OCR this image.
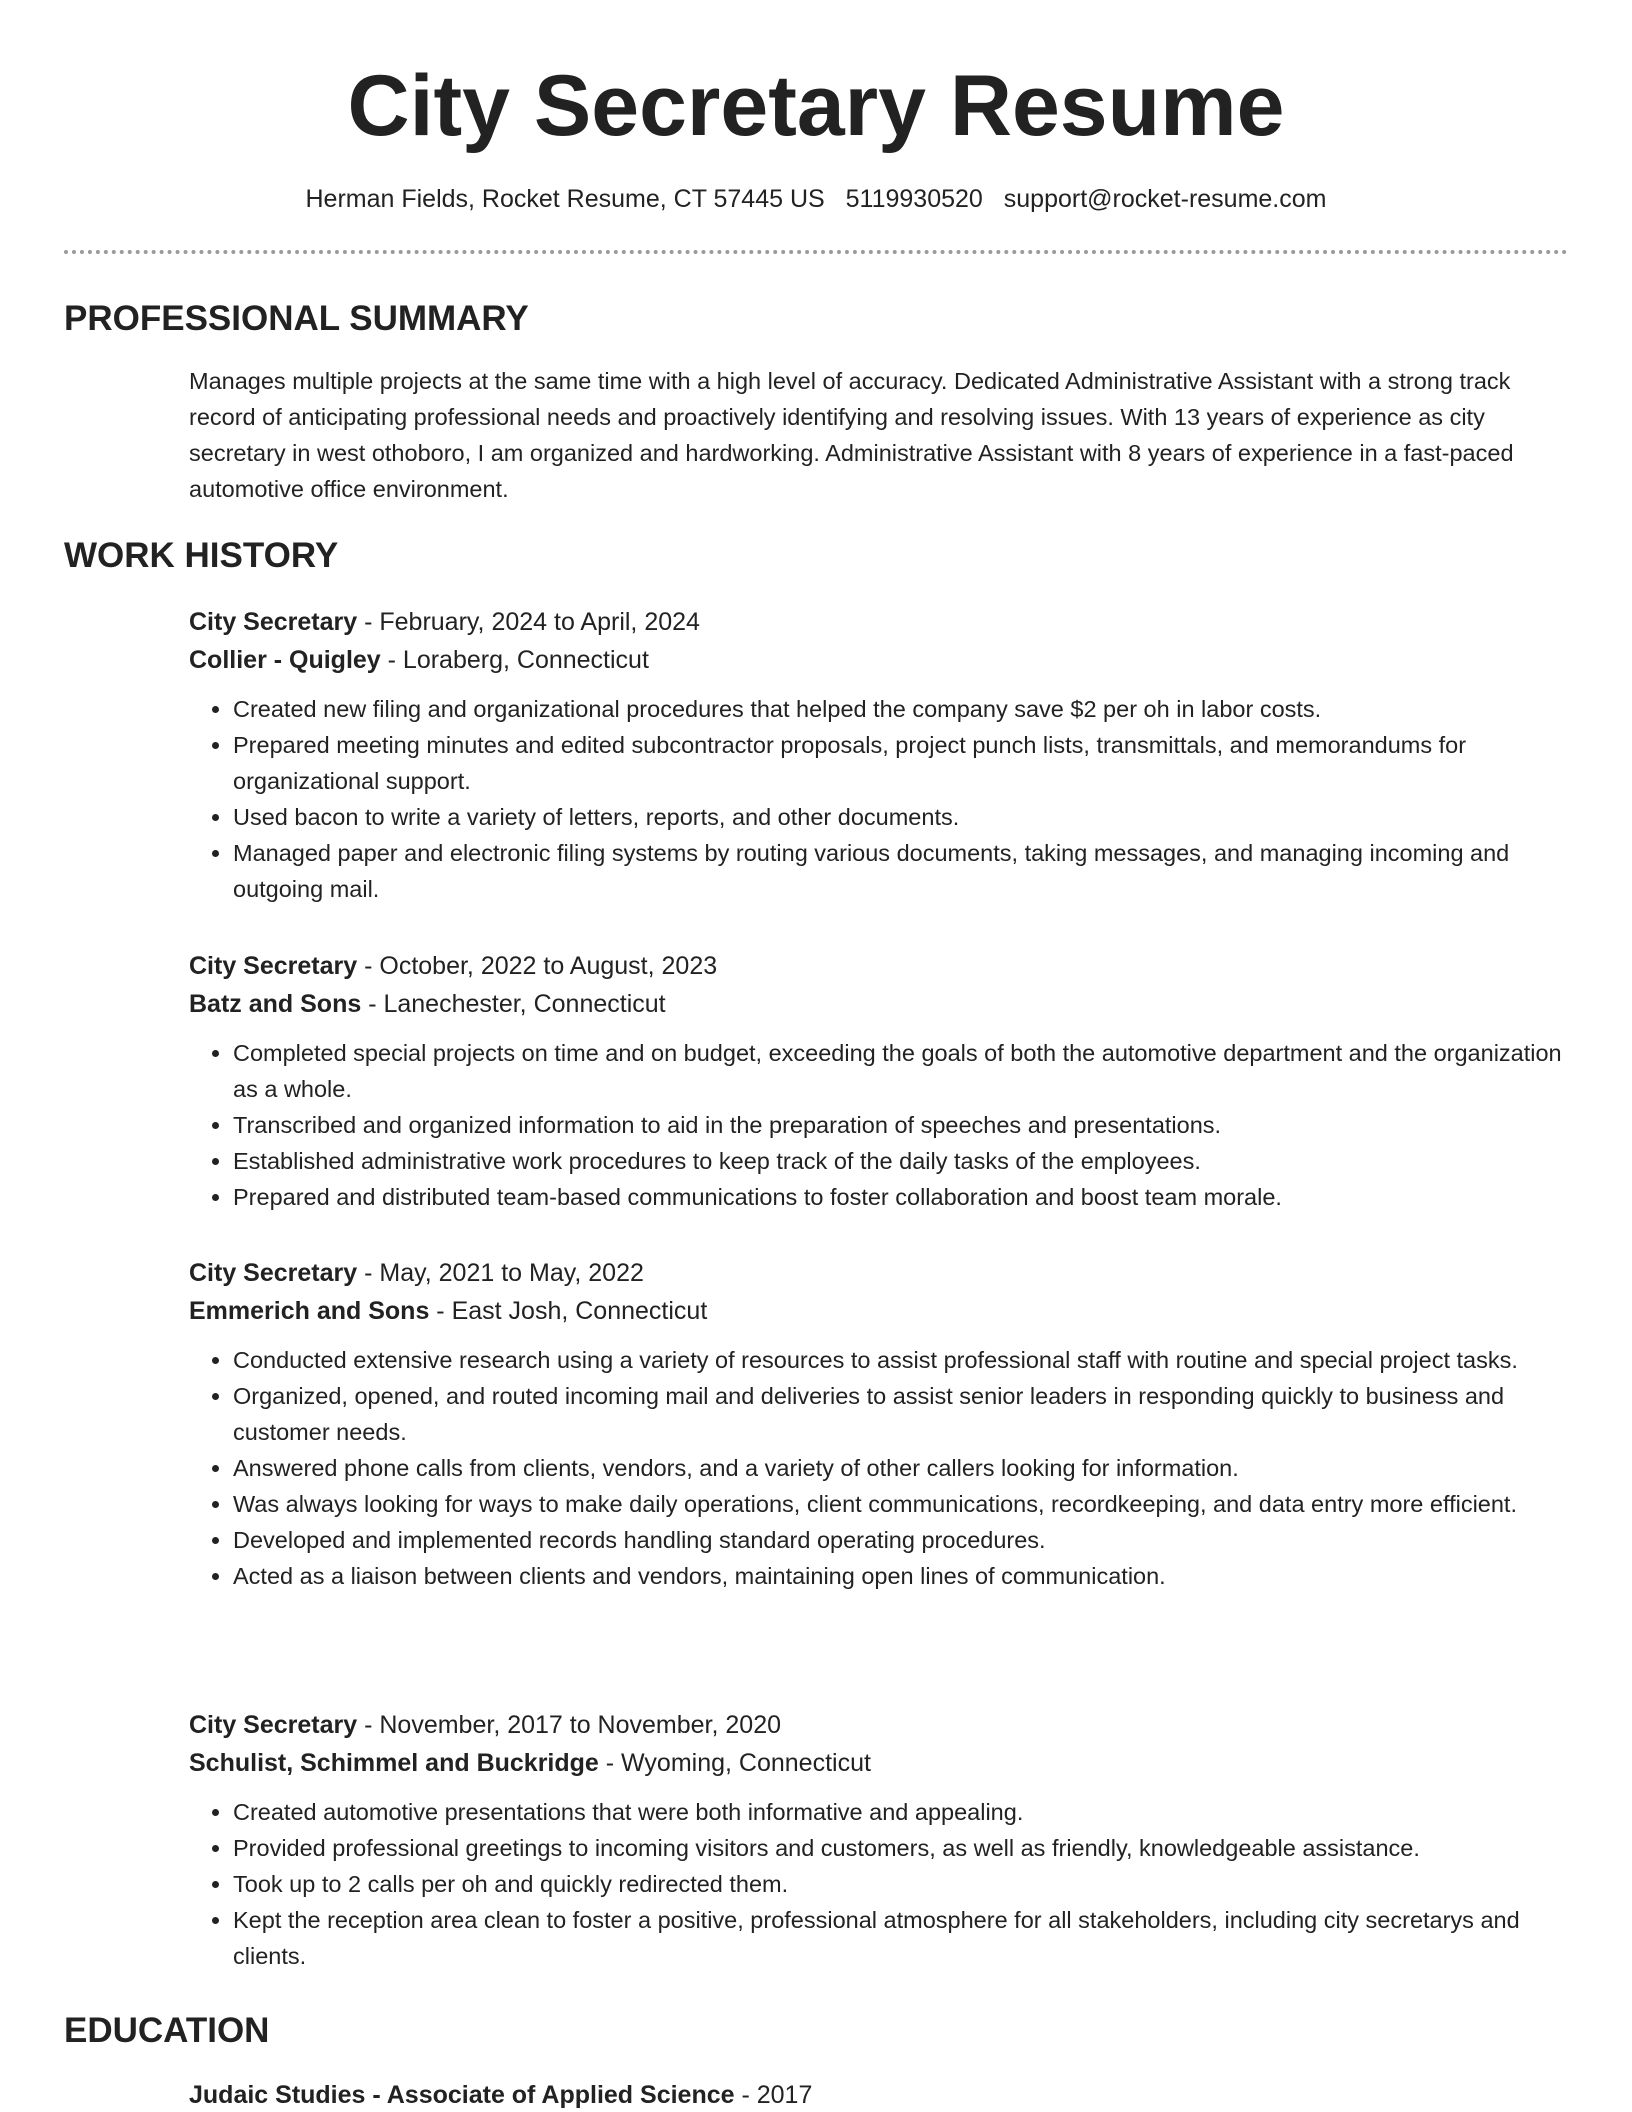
City Secretary Resume
Herman Fields, Rocket Resume, CT 57445 US 5119930520 support@rocket-resume.com
PROFESSIONAL SUMMARY

Manages multiple projects at the same time with a high level of accuracy. Dedicated Administrative Assistant with a strong track record of anticipating professional needs and proactively identifying and resolving issues. With 13 years of experience as city secretary in west othoboro, I am organized and hardworking. Administrative Assistant with 8 years of experience in a fast-paced automotive office environment.

WORK HISTORY

City Secretary - February, 2024 to April, 2024

Collier - Quigley - Loraberg, Connecticut

• Created new filing and organizational procedures that helped the company save $2 per oh in labor costs.
• Prepared meeting minutes and edited subcontractor proposals, project punch lists, transmittals, and memorandums for organizational support.
• Used bacon to write a variety of letters, reports, and other documents.
• Managed paper and electronic filing systems by routing various documents, taking messages, and managing incoming and outgoing mail.

City Secretary - October, 2022 to August, 2023

Batz and Sons - Lanechester, Connecticut

• Completed special projects on time and on budget, exceeding the goals of both the automotive department and the organization as a whole.
• Transcribed and organized information to aid in the preparation of speeches and presentations.
• Established administrative work procedures to keep track of the daily tasks of the employees.
• Prepared and distributed team-based communications to foster collaboration and boost team morale.

City Secretary - May, 2021 to May, 2022

Emmerich and Sons - East Josh, Connecticut

• Conducted extensive research using a variety of resources to assist professional staff with routine and special project tasks.
• Organized, opened, and routed incoming mail and deliveries to assist senior leaders in responding quickly to business and customer needs.
• Answered phone calls from clients, vendors, and a variety of other callers looking for information.
• Was always looking for ways to make daily operations, client communications, recordkeeping, and data entry more efficient.
• Developed and implemented records handling standard operating procedures.
• Acted as a liaison between clients and vendors, maintaining open lines of communication.

City Secretary - November, 2017 to November, 2020

Schulist, Schimmel and Buckridge - Wyoming, Connecticut

• Created automotive presentations that were both informative and appealing.
• Provided professional greetings to incoming visitors and customers, as well as friendly, knowledgeable assistance.
• Took up to 2 calls per oh and quickly redirected them.
• Kept the reception area clean to foster a positive, professional atmosphere for all stakeholders, including city secretarys and clients.
EDUCATION

Judaic Studies - Associate of Applied Science - 2017
